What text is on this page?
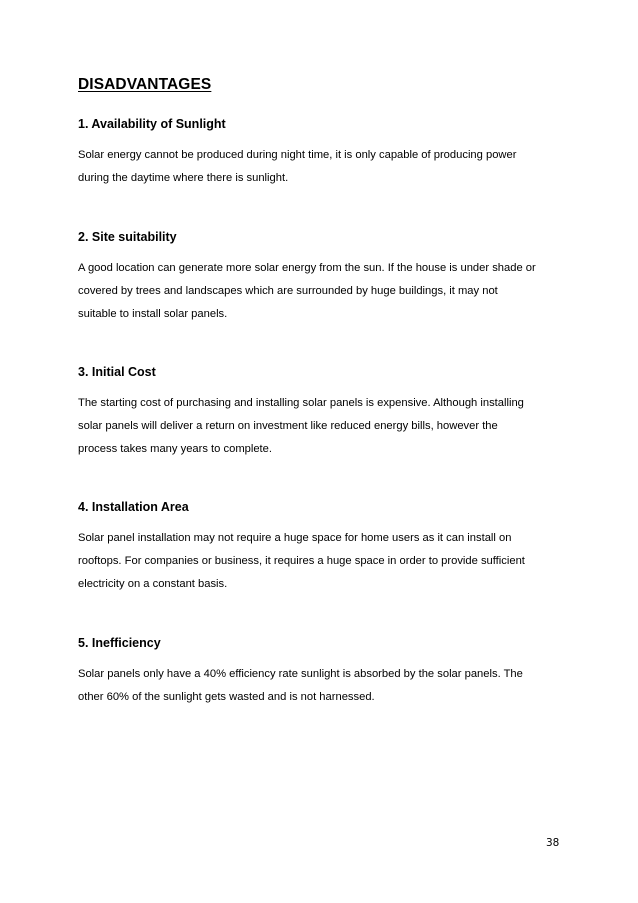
DISADVANTAGES
1. Availability of Sunlight

Solar energy cannot be produced during night time, it is only capable of producing power
during the daytime where there is sunlight.

2. Site suitability

A good location can generate more solar energy from the sun. If the house is under shade or
covered by trees and landscapes which are surrounded by huge buildings, it may not
suitable to install solar panels.

3. Initial Cost

The starting cost of purchasing and installing solar panels is expensive. Although installing
solar panels will deliver a return on investment like reduced energy bills, however the
process takes many years to complete.

4. Installation Area

Solar panel installation may not require a huge space for home users as it can install on
rooftops. For companies or business, it requires a huge space in order to provide sufficient
electricity on a constant basis.

5. Inefficiency

Solar panels only have a 40% efficiency rate sunlight is absorbed by the solar panels. The
other 60% of the sunlight gets wasted and is not harnessed.

38
